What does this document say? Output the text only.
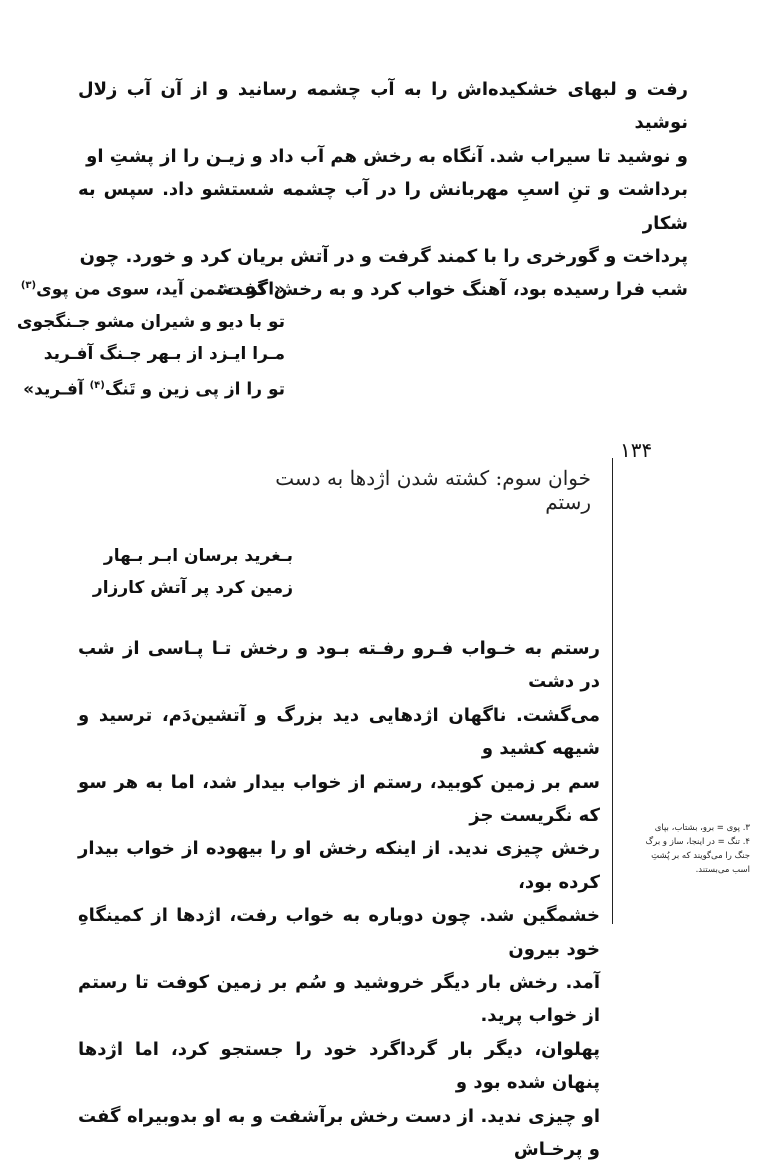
رفت و لبهای خشکیده‌اش را به آب چشمه رسانید و از آن آب زلال نوشید

و نوشید تا سیراب شد. آنگاه به رخش هم آب داد و زیـن را از پشتِ او

برداشت و تنِ اسبِ مهربانش را در آب چشمه شستشو داد. سپس به شکار

پرداخت و گورخری را با کمند گرفت و در آتش بریان کرد و خورد. چون

شب فرا رسیده بود، آهنگ خواب کرد و به رخش گفت:

«اگر دشمن آید، سوی من پوی$^{(۳)}$
تو با دیو و شیران مشو جـنگجوی
مـرا ایـزد از بـهر جـنگ آفـرید
تو را از پی زین و تَنگ$^{(۴)}$ آفـرید»
۱۳۴
خوان سوم: کشته شدن اژدها به دست رستم
بـغرید برسان ابـر بـهار
زمین کرد پر آتش کارزار

رستم به خـواب فـرو رفـته بـود و رخش تـا پـاسی از شب در دشت

می‌گشت. ناگهان اژدهایی دید بزرگ و آتشین‌دَم، ترسید و شیهه کشید و

سم بر زمین کوبید، رستم از خواب بیدار شد، اما به هر سو که نگریست جز

رخش چیزی ندید. از اینکه رخش او را بیهوده از خواب بیدار کرده بود،

خشمگین شد. چون دوباره به خواب رفت، اژدها از کمینگاهِ خود بیرون

آمد. رخش بار دیگر خروشید و سُم بر زمین کوفت تا رستم از خواب پرید.

پهلوان، دیگر بار گرداگرد خود را جستجو کرد، اما اژدها پنهان شده بود و

او چیزی ندید. از دست رخش برآشفت و به او بدوبیراه گفت و پرخـاش

۳. پوی = برو، بشتاب، بپای
۴. تنگ = در اینجا، ساز و برگ
جنگ را می‌گویند که بر پُشتِ
اسب می‌بستند.
